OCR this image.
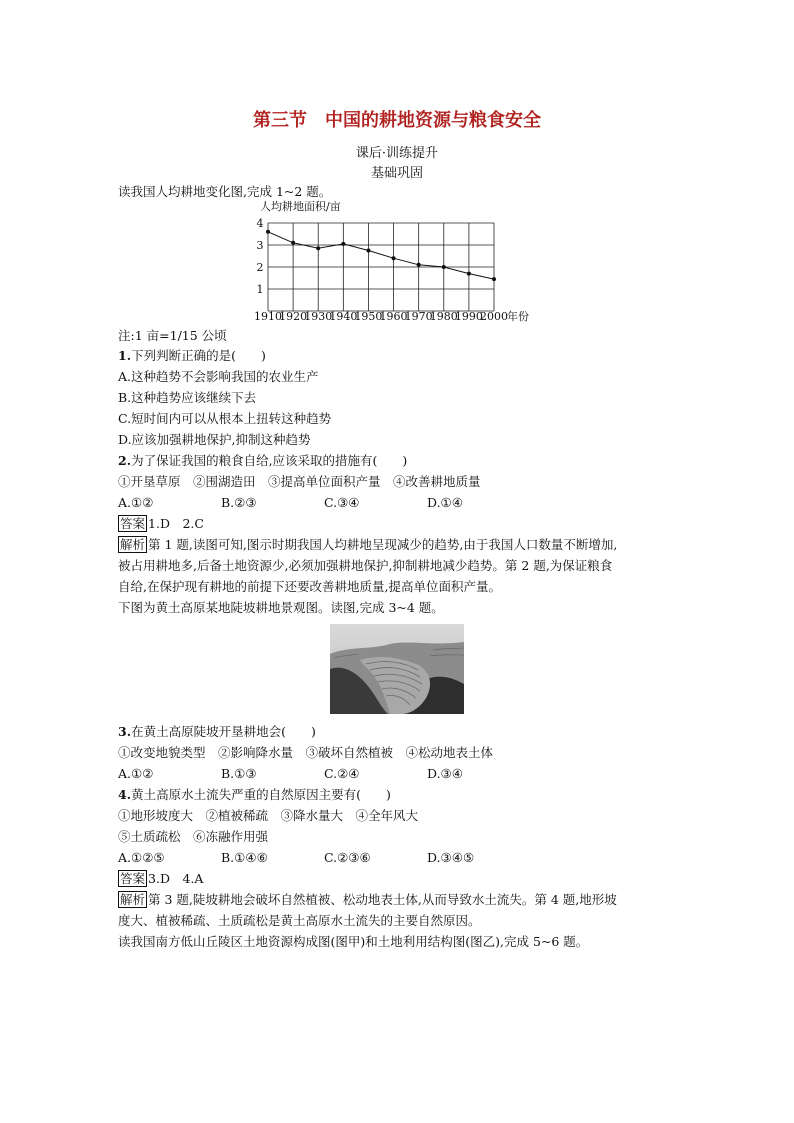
第三节　中国的耕地资源与粮食安全
课后·训练提升
基础巩固
读我国人均耕地变化图,完成 1~2 题。
人均耕地面积/亩
1
2
3
4
1910
1920
1930
1940
1950
1960
1970
1980
1990
2000 年份
注:1 亩=1/15 公顷
1.下列判断正确的是(　　)
A.这种趋势不会影响我国的农业生产
B.这种趋势应该继续下去
C.短时间内可以从根本上扭转这种趋势
D.应该加强耕地保护,抑制这种趋势
2.为了保证我国的粮食自给,应该采取的措施有(　　)
①开垦草原　②围湖造田　③提高单位面积产量　④改善耕地质量
A.①②	B.②③	C.③④	D.①④
答案 1.D　2.C
解析 第 1 题,读图可知,图示时期我国人均耕地呈现减少的趋势,由于我国人口数量不断增加,
被占用耕地多,后备土地资源少,必须加强耕地保护,抑制耕地减少趋势。第 2 题,为保证粮食
自给,在保护现有耕地的前提下还要改善耕地质量,提高单位面积产量。
下图为黄土高原某地陡坡耕地景观图。读图,完成 3~4 题。
3.在黄土高原陡坡开垦耕地会(　　)
①改变地貌类型　②影响降水量　③破坏自然植被　④松动地表土体
A.①②	B.①③	C.②④	D.③④
4.黄土高原水土流失严重的自然原因主要有(　　)
①地形坡度大　②植被稀疏　③降水量大　④全年风大
⑤土质疏松　⑥冻融作用强
A.①②⑤	B.①④⑥	C.②③⑥	D.③④⑤
答案 3.D　4.A
解析 第 3 题,陡坡耕地会破坏自然植被、松动地表土体,从而导致水土流失。第 4 题,地形坡
度大、植被稀疏、土质疏松是黄土高原水土流失的主要自然原因。
读我国南方低山丘陵区土地资源构成图(图甲)和土地利用结构图(图乙),完成 5~6 题。
